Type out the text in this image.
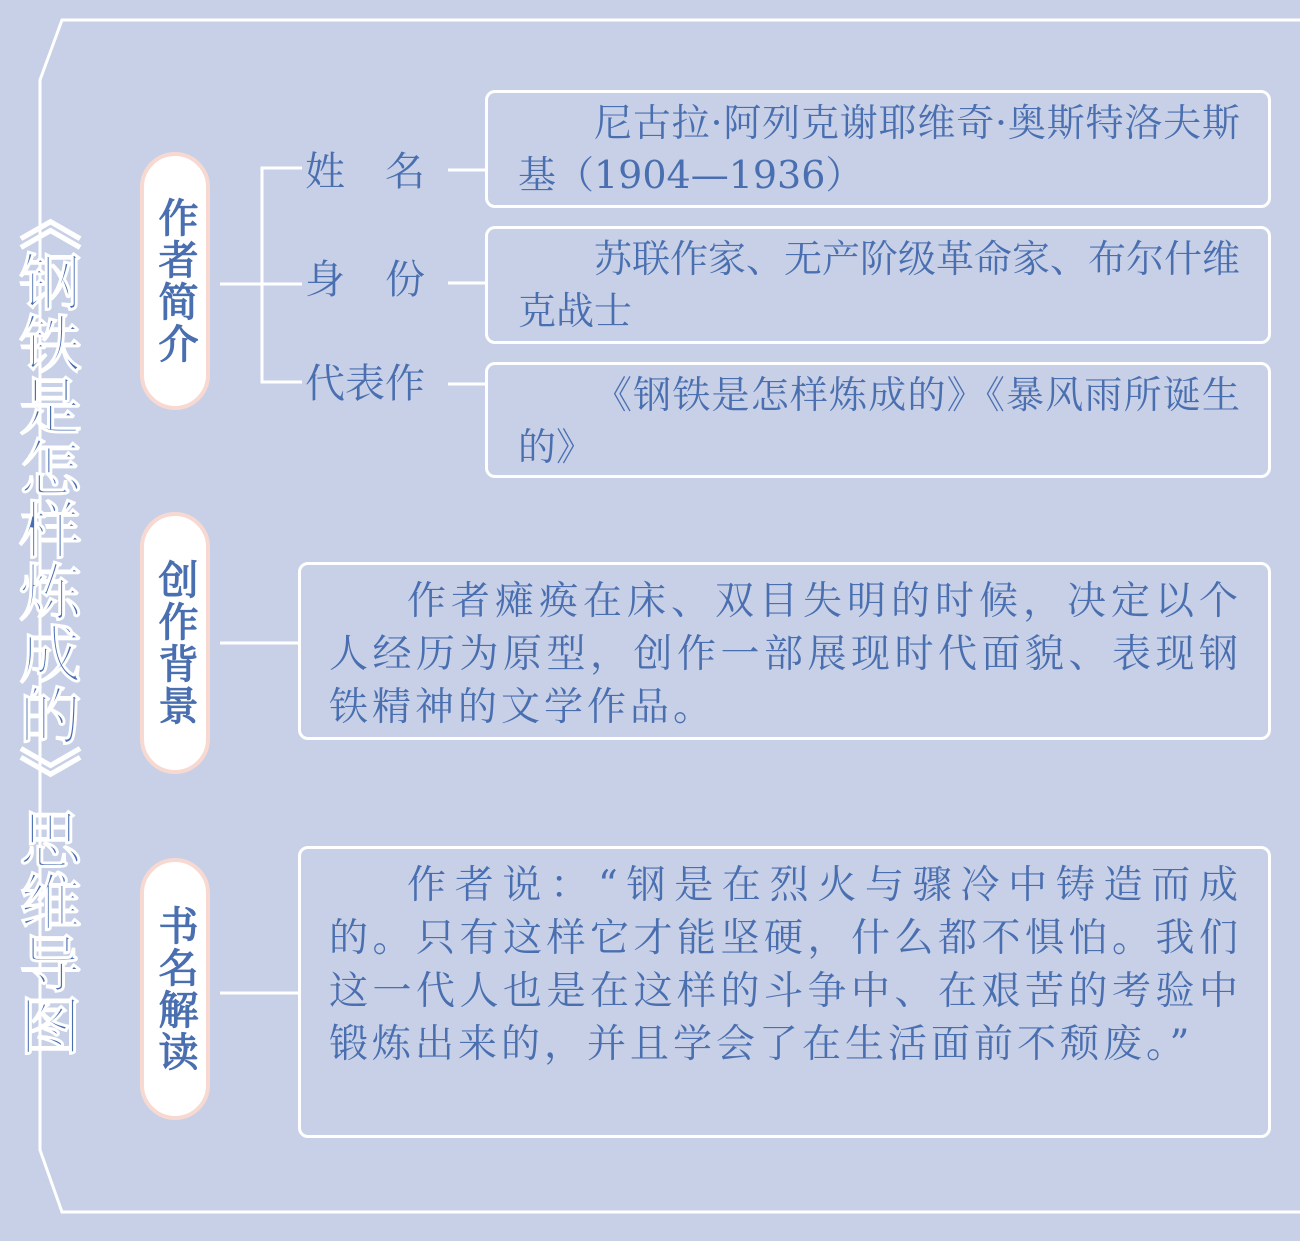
《钢铁是怎样炼成的》思维导图 作者简介
创作背景
书名解读
姓　名
身　份
代表作

尼古拉·阿列克谢耶维奇·奥斯特洛夫斯基（1904—1936）

苏联作家、无产阶级革命家、布尔什维克战士

《钢铁是怎样炼成的》《暴风雨所诞生的》

作者瘫痪在床、双目失明的时候，决定以个人经历为原型，创作一部展现时代面貌、表现钢铁精神的文学作品。

作者说：“钢是在烈火与骤冷中铸造而成的。只有这样它才能坚硬，什么都不惧怕。我们这一代人也是在这样的斗争中、在艰苦的考验中锻炼出来的，并且学会了在生活面前不颓废。”
